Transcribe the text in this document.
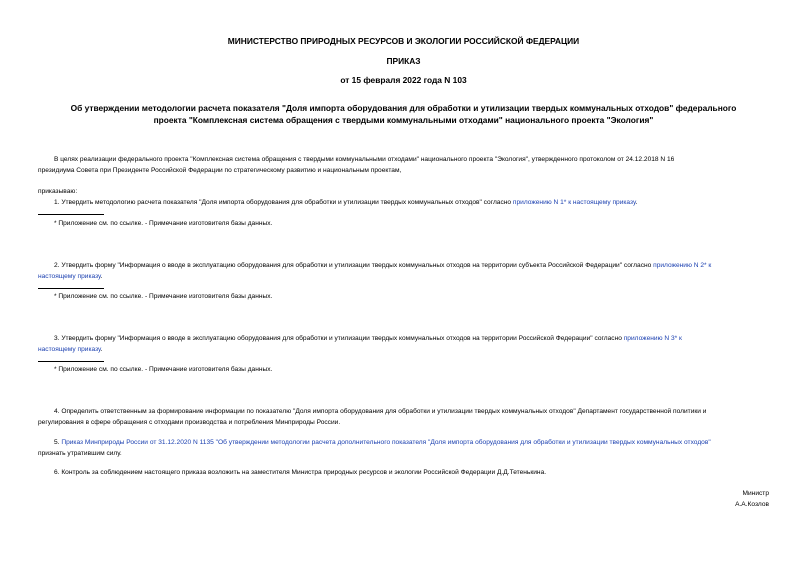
МИНИСТЕРСТВО ПРИРОДНЫХ РЕСУРСОВ И ЭКОЛОГИИ РОССИЙСКОЙ ФЕДЕРАЦИИ
ПРИКАЗ
от 15 февраля 2022 года N 103
Об утверждении методологии расчета показателя "Доля импорта оборудования для обработки и утилизации твердых коммунальных отходов" федерального
проекта "Комплексная система обращения с твердыми коммунальными отходами" национального проекта "Экология"
В целях реализации федерального проекта "Комплексная система обращения с твердыми коммунальными отходами" национального проекта "Экология", утвержденного протоколом от 24.12.2018 N 16
президиума Совета при Президенте Российской Федерации по стратегическому развитию и национальным проектам,
приказываю:
1. Утвердить методологию расчета показателя "Доля импорта оборудования для обработки и утилизации твердых коммунальных отходов" согласно приложению N 1* к настоящему приказу.
* Приложение см. по ссылке. - Примечание изготовителя базы данных.
2. Утвердить форму "Информация о вводе в эксплуатацию оборудования для обработки и утилизации твердых коммунальных отходов на территории субъекта Российской Федерации" согласно приложению N 2* к
настоящему приказу.
* Приложение см. по ссылке. - Примечание изготовителя базы данных.
3. Утвердить форму "Информация о вводе в эксплуатацию оборудования для обработки и утилизации твердых коммунальных отходов на территории Российской Федерации" согласно приложению N 3* к
настоящему приказу.
* Приложение см. по ссылке. - Примечание изготовителя базы данных.
4. Определить ответственным за формирование информации по показателю "Доля импорта оборудования для обработки и утилизации твердых коммунальных отходов" Департамент государственной политики и
регулирования в сфере обращения с отходами производства и потребления Минприроды России.
5. Приказ Минприроды России от 31.12.2020 N 1135 "Об утверждении методологии расчета дополнительного показателя "Доля импорта оборудования для обработки и утилизации твердых коммунальных отходов"
признать утратившим силу.
6. Контроль за соблюдением настоящего приказа возложить на заместителя Министра природных ресурсов и экологии Российской Федерации Д.Д.Тетенькина.
Министр
А.А.Козлов
